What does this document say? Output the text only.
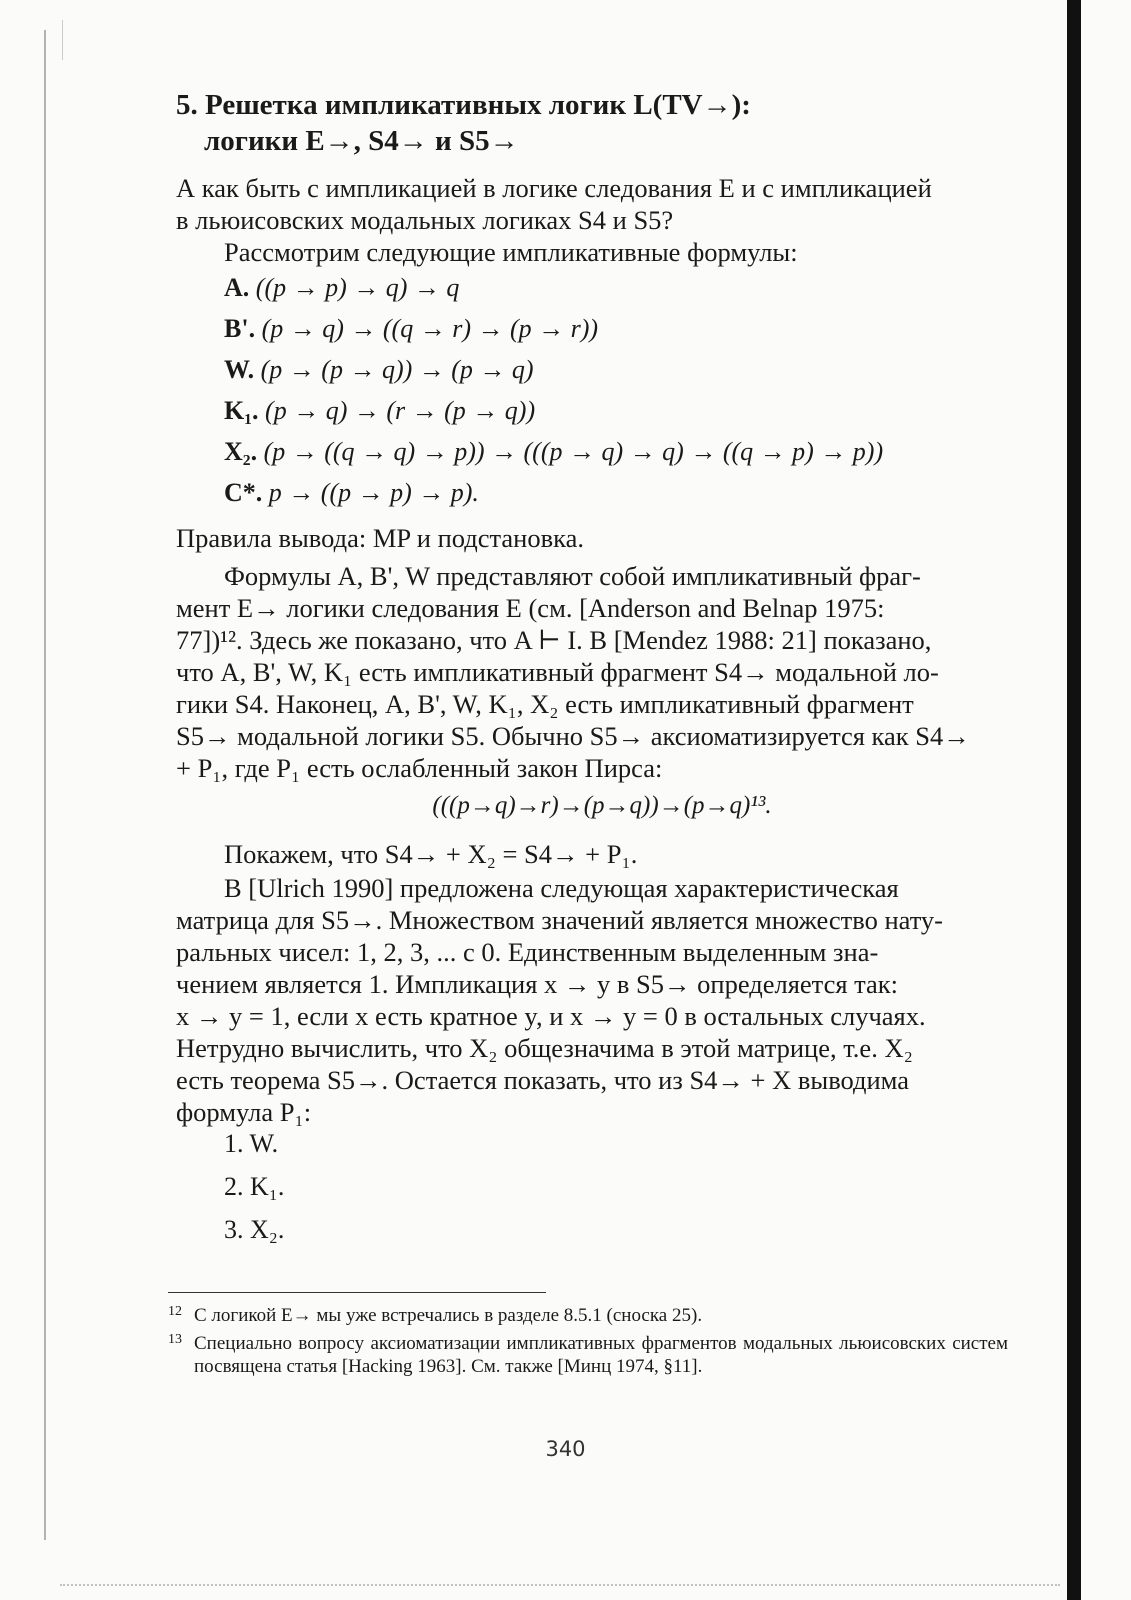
5. Решетка импликативных логик L(TV→):
логики E→, S4→ и S5→
А как быть с импликацией в логике следования E и с импликацией
в льюисовских модальных логиках S4 и S5?
Рассмотрим следующие импликативные формулы:
A. ((p → p) → q) → q
B'. (p → q) → ((q → r) → (p → r))
W. (p → (p → q)) → (p → q)
K₁. (p → q) → (r → (p → q))
X₂. (p → ((q → q) → p)) → (((p → q) → q) → ((q → p) → p))
C*. p → ((p → p) → p).
Правила вывода: MP и подстановка.
Формулы A, B', W представляют собой импликативный фраг-
мент E→ логики следования E (см. [Anderson and Belnap 1975:
77])¹². Здесь же показано, что A ⊢ I. В [Mendez 1988: 21] показано,
что A, B', W, K₁ есть импликативный фрагмент S4→ модальной ло-
гики S4. Наконец, A, B', W, K₁, X₂ есть импликативный фрагмент
S5→ модальной логики S5. Обычно S5→ аксиоматизируется как S4→
+ P₁, где P₁ есть ослабленный закон Пирса:
(((p→q)→r)→(p→q))→(p→q)¹³.
Покажем, что S4→ + X₂ = S4→ + P₁.
В [Ulrich 1990] предложена следующая характеристическая
матрица для S5→. Множеством значений является множество нату-
ральных чисел: 1, 2, 3, ... с 0. Единственным выделенным зна-
чением является 1. Импликация x → y в S5→ определяется так:
x → y = 1, если x есть кратное y, и x → y = 0 в остальных случаях.
Нетрудно вычислить, что X₂ общезначима в этой матрице, т.е. X₂
есть теорема S5→. Остается показать, что из S4→ + X выводима
формула P₁:
1. W.
2. K₁.
3. X₂.
12 С логикой E→ мы уже встречались в разделе 8.5.1 (сноска 25).
13 Специально вопросу аксиоматизации импликативных фрагментов модальных льюисовских систем посвящена статья [Hacking 1963]. См. также [Минц 1974, §11].
340
